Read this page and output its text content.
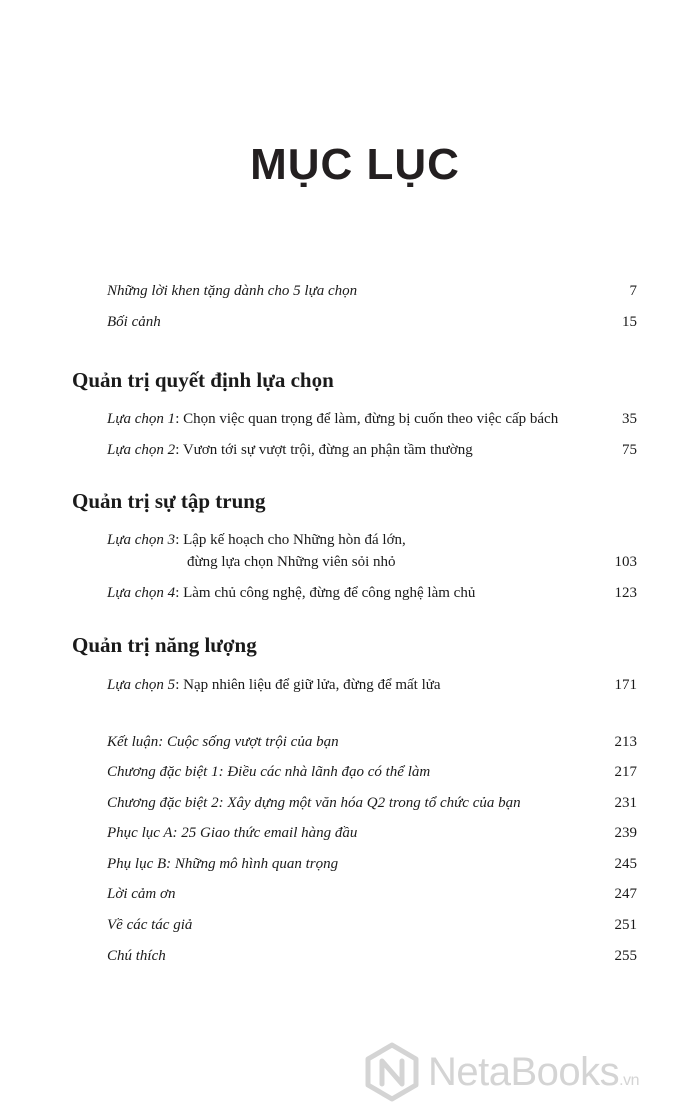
MỤC LỤC
Những lời khen tặng dành cho 5 lựa chọn	7
Bối cảnh	15
Quản trị quyết định lựa chọn
Lựa chọn 1: Chọn việc quan trọng để làm, đừng bị cuốn theo việc cấp bách	35
Lựa chọn 2: Vươn tới sự vượt trội, đừng an phận tầm thường	75
Quản trị sự tập trung
Lựa chọn 3: Lập kế hoạch cho Những hòn đá lớn,
đừng lựa chọn Những viên sỏi nhỏ	103
Lựa chọn 4: Làm chủ công nghệ, đừng để công nghệ làm chủ	123
Quản trị năng lượng
Lựa chọn 5: Nạp nhiên liệu để giữ lửa, đừng để mất lửa	171
Kết luận: Cuộc sống vượt trội của bạn	213
Chương đặc biệt 1: Điều các nhà lãnh đạo có thể làm	217
Chương đặc biệt 2: Xây dựng một văn hóa Q2 trong tổ chức của bạn	231
Phục lục A: 25 Giao thức email hàng đầu	239
Phụ lục B: Những mô hình quan trọng	245
Lời cảm ơn	247
Về các tác giả	251
Chú thích	255
NetaBooks.vn
